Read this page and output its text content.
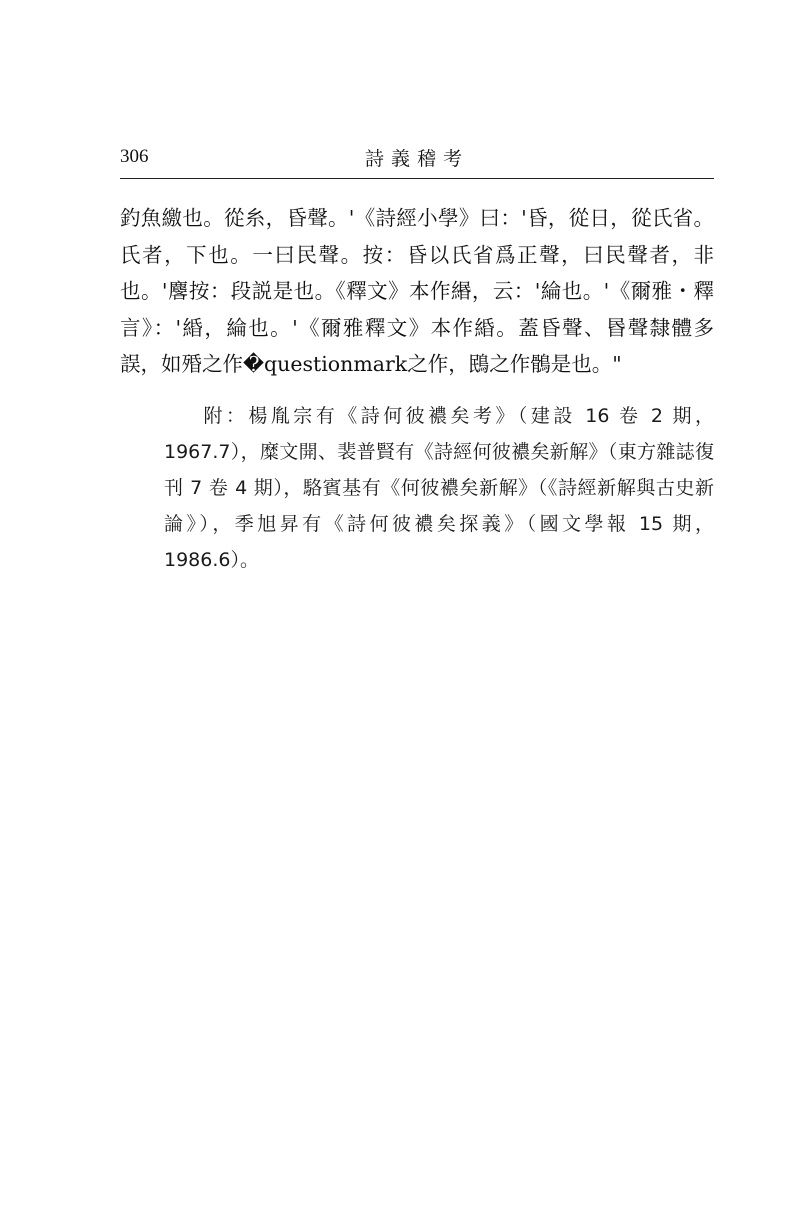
306	詩義稽考
釣魚繳也。從糸，昏聲。'《詩經小學》曰：'昏，從日，從氏省。氏者，下也。一曰民聲。按：昏以氏省爲正聲，曰民聲者，非也。'麐按：段説是也。《釋文》本作緡，云：'綸也。'《爾雅・釋言》：'緍，綸也。'《爾雅釋文》本作緍。蓋昏聲、昬聲隸體多誤，如殙之作�questionmark之作，鴖之作鶻是也。"
附：楊胤宗有《詩何彼襛矣考》（建設 16 卷 2 期，1967.7），糜文開、裴普賢有《詩經何彼襛矣新解》（東方雜誌復刊 7 卷 4 期），駱賓基有《何彼襛矣新解》（《詩經新解與古史新論》），季旭昇有《詩何彼襛矣探義》（國文學報 15 期，1986.6）。
